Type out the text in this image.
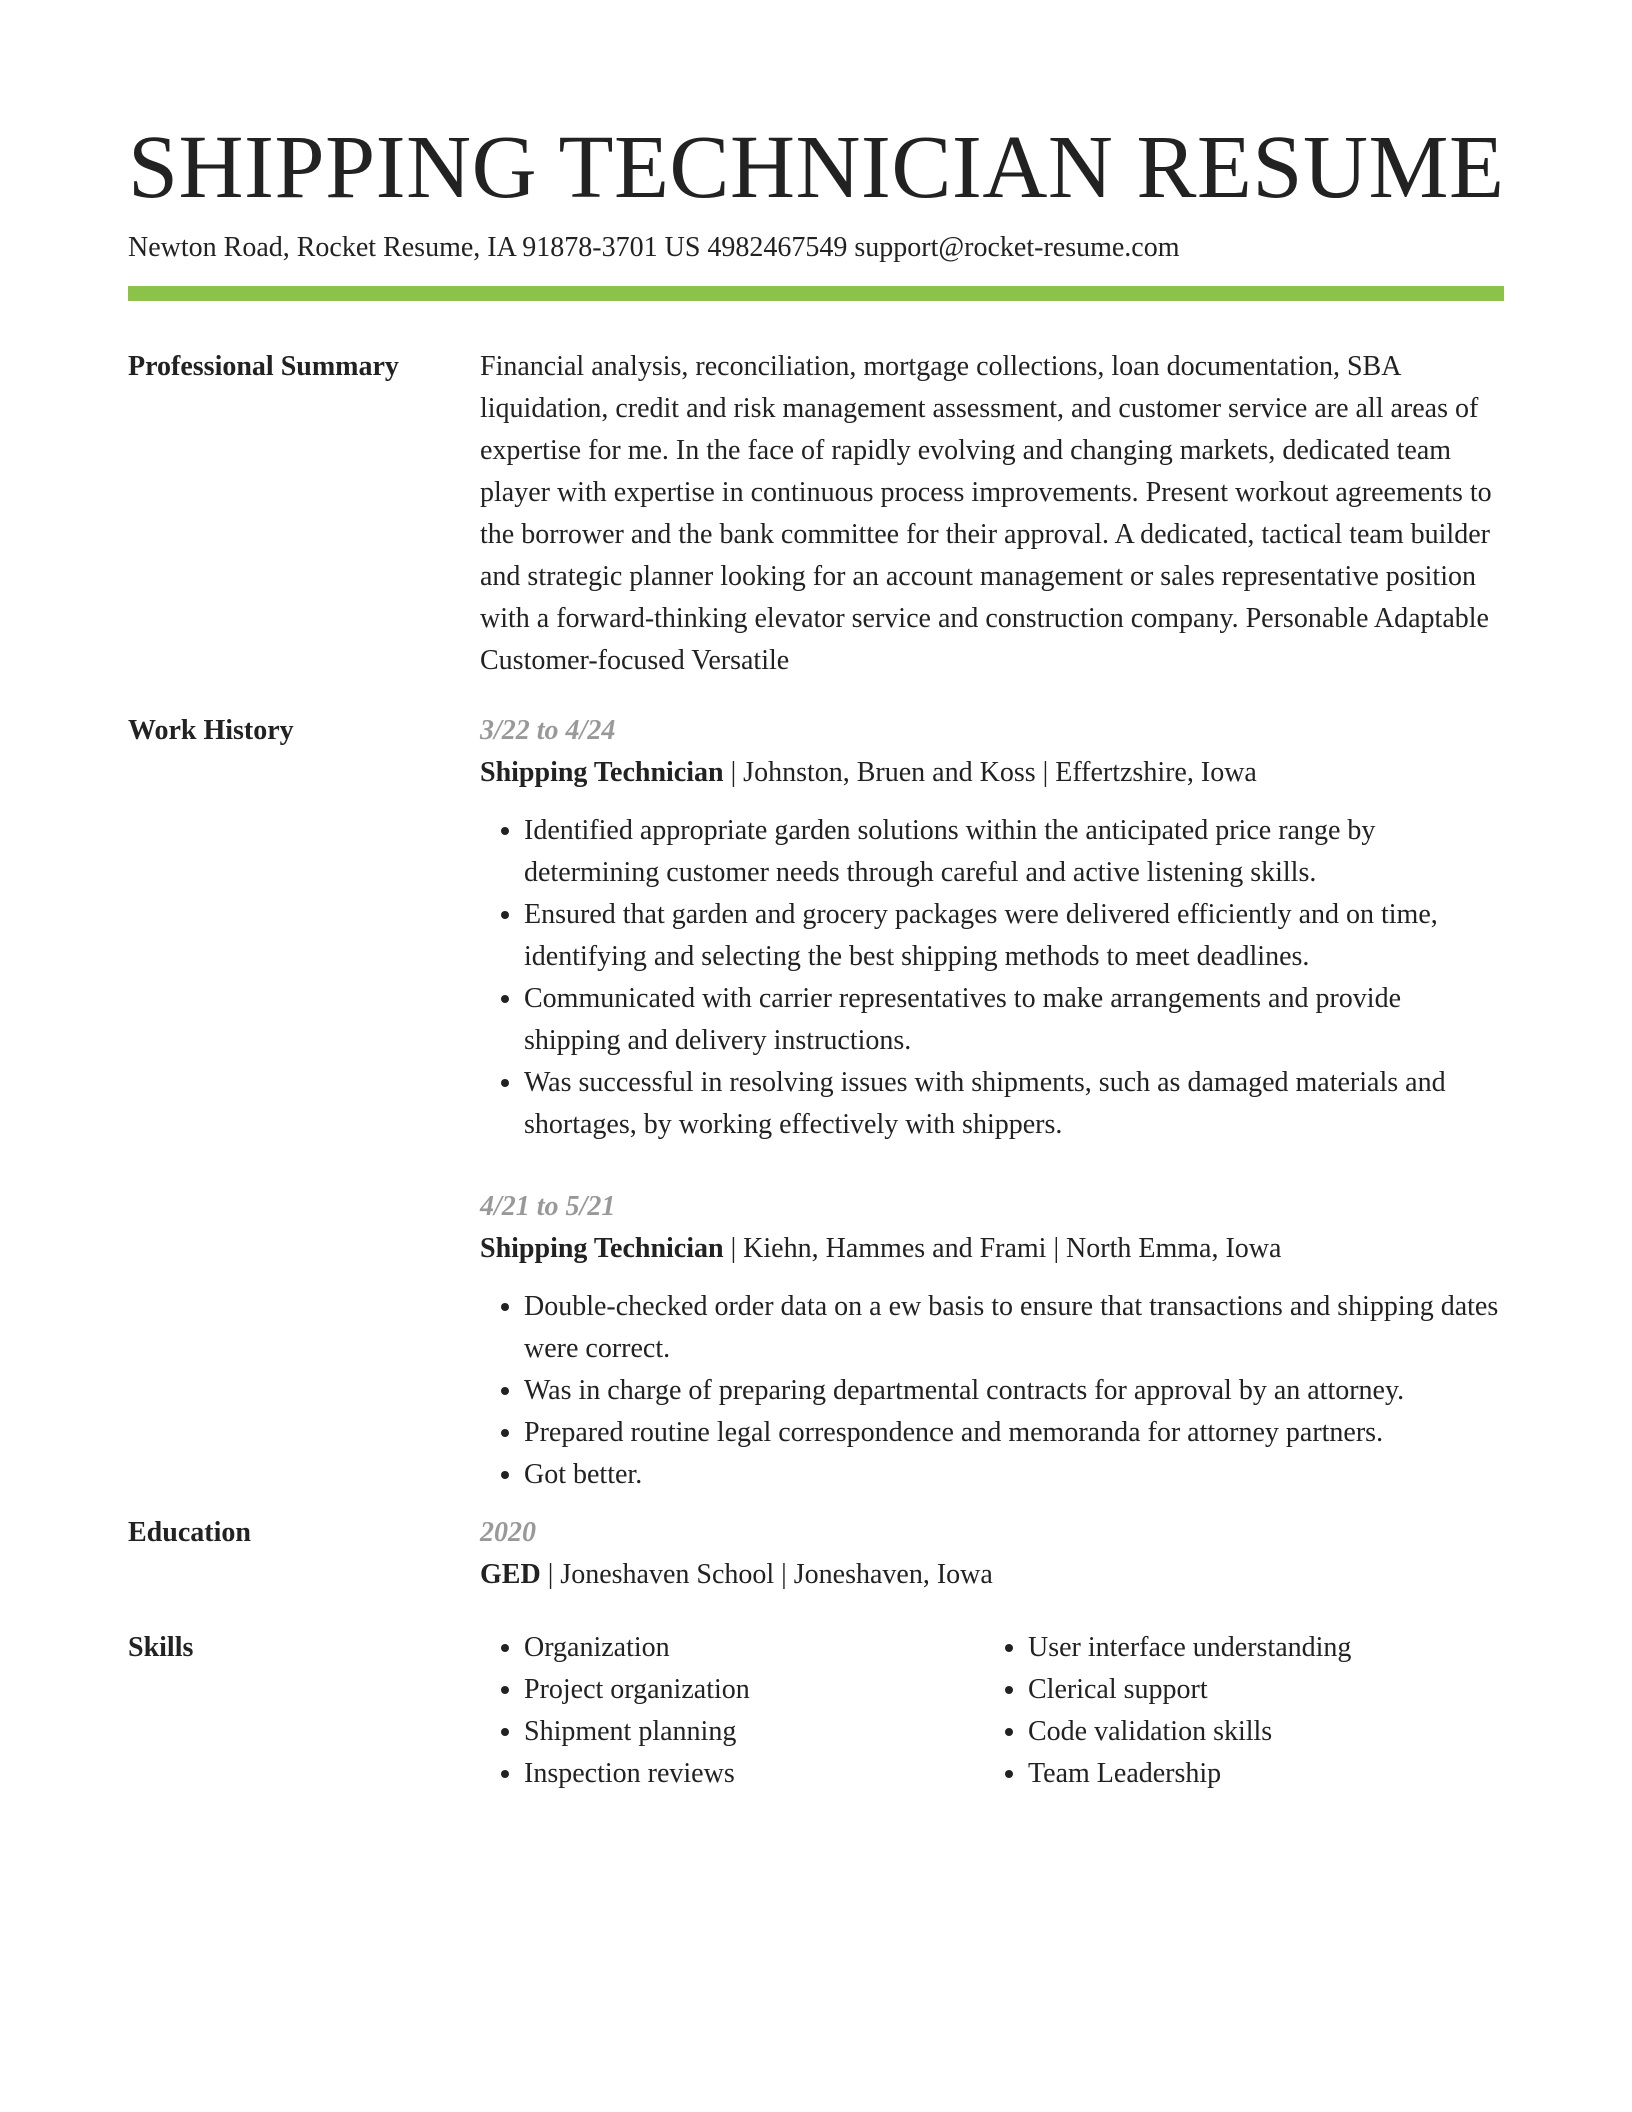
SHIPPING TECHNICIAN RESUME
Newton Road, Rocket Resume, IA 91878-3701 US 4982467549 support@rocket-resume.com
Professional Summary	Financial analysis, reconciliation, mortgage collections, loan documentation, SBA liquidation, credit and risk management assessment, and customer service are all areas of expertise for me. In the face of rapidly evolving and changing markets, dedicated team player with expertise in continuous process improvements. Present workout agreements to the borrower and the bank committee for their approval. A dedicated, tactical team builder and strategic planner looking for an account management or sales representative position with a forward-thinking elevator service and construction company. Personable Adaptable Customer-focused Versatile

Work History	3/22 to 4/24
Shipping Technician | Johnston, Bruen and Koss | Effertzshire, Iowa
• Identified appropriate garden solutions within the anticipated price range by determining customer needs through careful and active listening skills.
• Ensured that garden and grocery packages were delivered efficiently and on time, identifying and selecting the best shipping methods to meet deadlines.
• Communicated with carrier representatives to make arrangements and provide shipping and delivery instructions.
• Was successful in resolving issues with shipments, such as damaged materials and shortages, by working effectively with shippers.
4/21 to 5/21
Shipping Technician | Kiehn, Hammes and Frami | North Emma, Iowa
• Double-checked order data on a ew basis to ensure that transactions and shipping dates were correct.
• Was in charge of preparing departmental contracts for approval by an attorney.
• Prepared routine legal correspondence and memoranda for attorney partners.
• Got better.
Education	2020
GED | Joneshaven School | Joneshaven, Iowa
Skills
•	Organization
• Project organization
• Shipment planning
• Inspection reviews
• User interface understanding
• Clerical support
• Code validation skills
• Team Leadership
